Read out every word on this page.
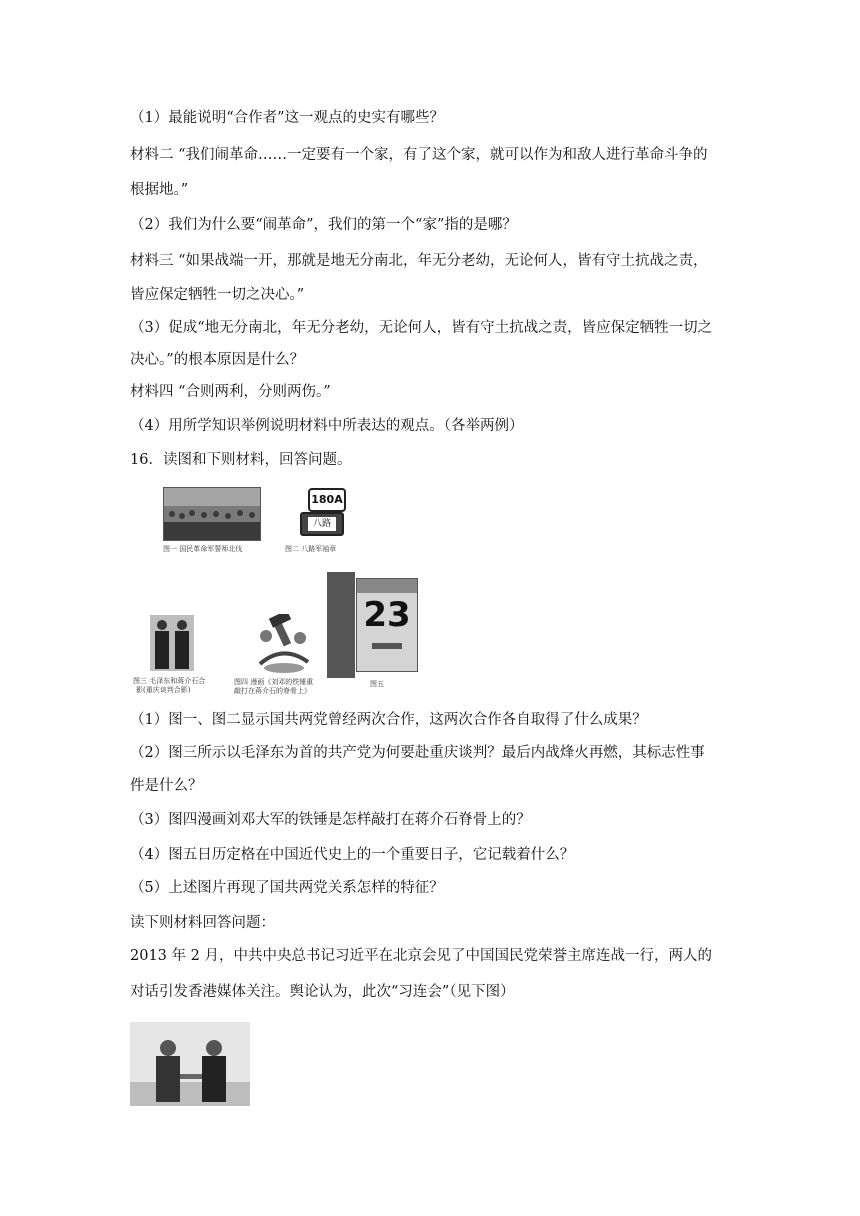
（1）最能说明“合作者”这一观点的史实有哪些？
材料二 “我们闹革命……一定要有一个家，有了这个家，就可以作为和敌人进行革命斗争的
根据地。”
（2）我们为什么要“闹革命”，我们的第一个“家”指的是哪？
材料三 “如果战端一开，那就是地无分南北，年无分老幼，无论何人，皆有守土抗战之责，
皆应保定牺牲一切之决心。”
（3）促成“地无分南北，年无分老幼，无论何人，皆有守土抗战之责，皆应保定牺牲一切之
决心。”的根本原因是什么？
材料四 “合则两利，分则两伤。”
（4）用所学知识举例说明材料中所表达的观点。（各举两例）
16．读图和下则材料，回答问题。
图一 国民革命军誓师北伐
180A
八路
图二 八路军袖章
图三 毛泽东和蒋介石合
影(重庆谈判合影)
图四 漫画《刘邓的铁锤重
敲打在蒋介石的脊骨上》
23
图五
（1）图一、图二显示国共两党曾经两次合作，这两次合作各自取得了什么成果？
（2）图三所示以毛泽东为首的共产党为何要赴重庆谈判？最后内战烽火再燃，其标志性事
件是什么？
（3）图四漫画刘邓大军的铁锤是怎样敲打在蒋介石脊骨上的？
（4）图五日历定格在中国近代史上的一个重要日子，它记载着什么？
（5）上述图片再现了国共两党关系怎样的特征？
读下则材料回答问题：
2013 年 2 月，中共中央总书记习近平在北京会见了中国国民党荣誉主席连战一行，两人的
对话引发香港媒体关注。舆论认为，此次“习连会”（见下图）
